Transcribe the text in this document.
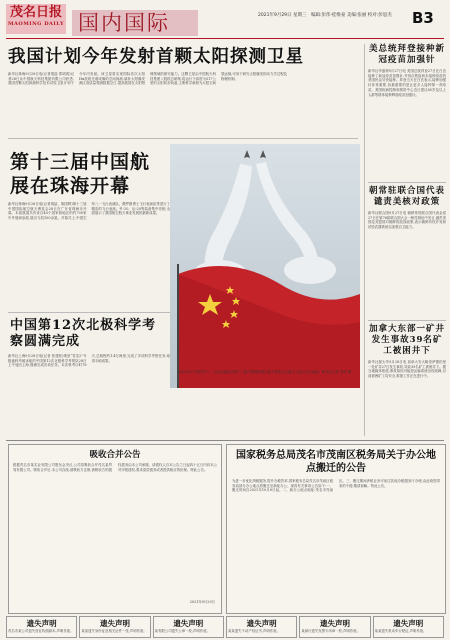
茂名日报
MAOMING DAILY 国内国际	2021年9月29日 星期三　编辑:彭伟·桂维豪 美编:张丽 校对:彭思杰 B3
我国计划今年发射首颗太阳探测卫星
新华社珠海9月28日电(记者胡喆 郑明鸿)记者28日从中国航天科技集团有限公司获悉,我国首颗太阳探测科学技术试验卫星计划于今年内发射。该卫星将实现国际首次太阳Hα波段光谱成像的空间探测,填补太阳爆发源区高质量观测数据空白,提高我国在太阳物理领域的研究能力。这颗卫星由中国航天科技集团八院抓总研制,将运行于高度为517公里的太阳同步轨道,主要科学载荷为太阳空间望远镜,可用于研究太阳爆发的动力学过程及物理机制。
第十三届中国航展在珠海开幕
新华社珠海9月28日电(记者胡喆、陈国辉)第十三届中国国际航空航天博览会28日在广东省珠海市开幕。本届航展共有来自40个国家和地区的约700家中外展商参展,展出飞机100余架。开幕式上,中国空军八一飞行表演队、俄罗斯勇士飞行表演队等进行了精彩的飞行表演。歼-20、运-20等装备集中亮相,全面展示了我国航空航天事业发展的最新成果。
9月28日,中国空军八一飞行表演队在第十三届中国国际航空航天博览会开幕式上进行飞行表演。新华社记者 邓华 摄
中国第12次北极科学考察圆满完成
新华社上海9月28日电(记者 张建松)乘坐“雪龙2”号极地科考破冰船的中国第12次北极科学考察队28日上午返回上海,圆满完成各项任务。本次科考历时78天,总航程约1.4万海里,完成了多项科学考察任务,取得丰硕成果。
美总统拜登接种新冠疫苗加强针
新华社华盛顿9月27日电 美国总统拜登27日在白宫接种了新冠疫苗加强针,并再次敦促尚未接种疫苗的美国民众尽快接种。拜登当天在白宫表示,接种加强针非常重要,但最重要的是让更多人接种第一剂疫苗。美国疾病控制和预防中心近日建议65岁及以上人群等群体接种辉瑞疫苗加强针。
朝常驻联合国代表谴责美核对政策
新华社联合国9月27日电 朝鲜常驻联合国代表金星27日在第76届联合国大会一般性辩论中发言,谴责美国及其盟国对朝鲜的敌视政策,表示朝鲜有权开发和试验武器系统以加强自卫能力。
加拿大东部一矿井发生事故39名矿工被困井下
新华社渥太华9月28日电 加拿大安大略省萨德伯里一处矿井27日发生事故,导致39名矿工被困井下。据当地媒体报道,事故原因可能是运输系统出现故障,目前被困矿工均安全,救援工作正在进行中。
吸收合并公告
根据茂名市某实业有限公司股东会决议,公司拟吸收合并茂名某贸易有限公司。吸收合并后,本公司存续,被吸收方注销,被吸收方的债权债务由本公司承继。请债权人自本公告之日起四十五日内向本公司申报债权,要求清偿债务或者提供相应的担保。特此公告。
2021年9月29日
国家税务总局茂名市茂南区税务局关于办公地点搬迁的公告
为进一步优化纳税服务,提升办税效率,国家税务总局茂名市茂南区税务局部分办公地点将搬迁至新址办公。现将有关事项公告如下:一、搬迁时间自2021年10月8日起。二、新办公地点地址:茂名市茂南区。三、搬迁期间涉税业务可前往其他办税服务厅办理,由此给您带来的不便,敬请谅解。特此公告。
遗失声明
茂名市某公司遗失营业执照副本,声明作废。
遗失声明
某某遗失身份证及相关证件一张,声明作废。
遗失声明
某有限公司遗失公章一枚,声明作废。
遗失声明
某某遗失不动产权证书,声明作废。
遗失声明
某商行遗失发票专用章一枚,声明作废。
遗失声明
某某遗失机动车行驶证,声明作废。
